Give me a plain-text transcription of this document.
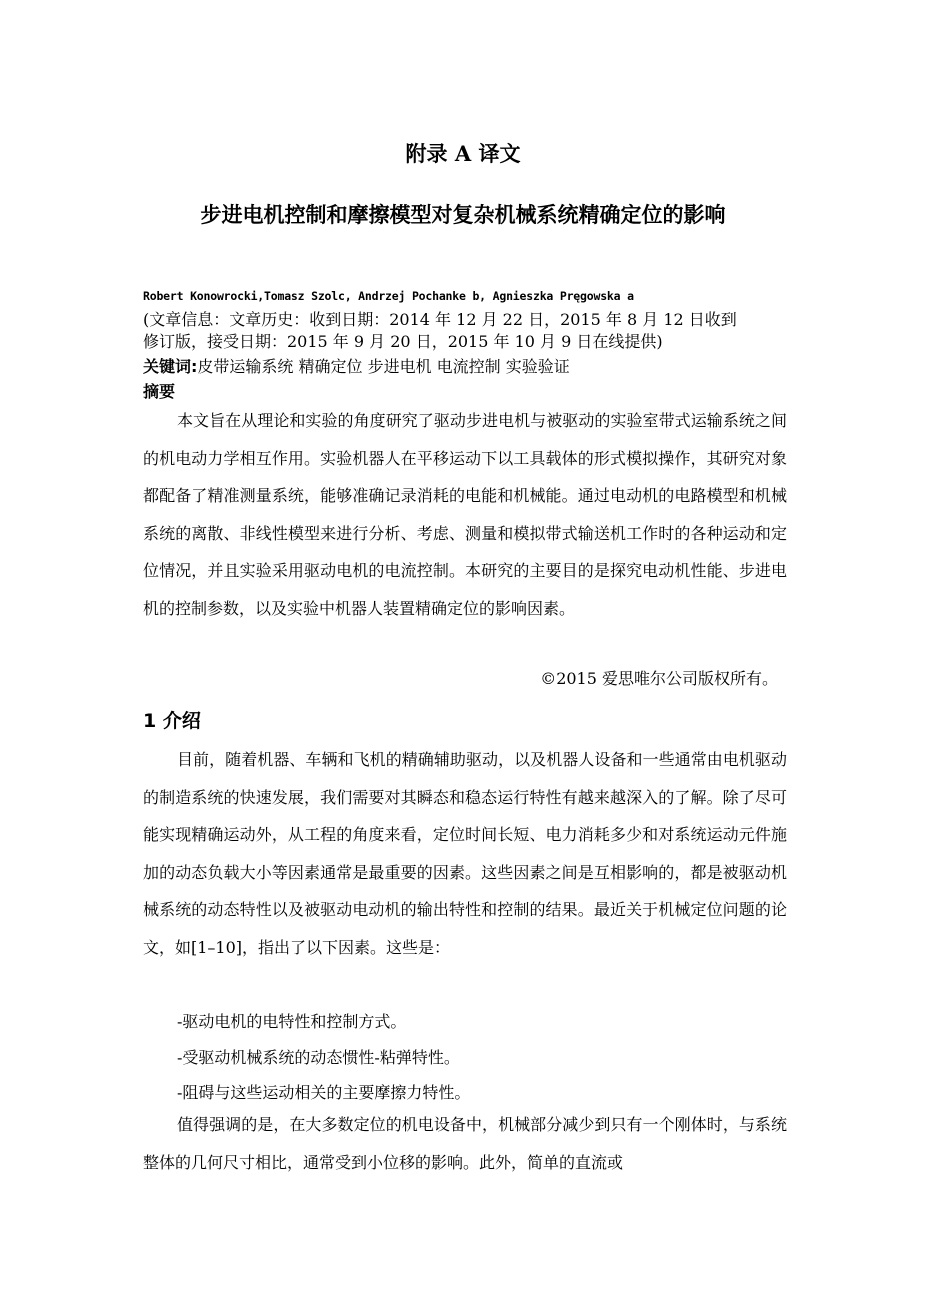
附录 A 译文
步进电机控制和摩擦模型对复杂机械系统精确定位的影响
Robert Konowrocki,Tomasz Szolc, Andrzej Pochanke b, Agnieszka Pręgowska a
(文章信息：文章历史：收到日期：2014 年 12 月 22 日，2015 年 8 月 12 日收到
修订版，接受日期：2015 年 9 月 20 日，2015 年 10 月 9 日在线提供)
关键词:皮带运输系统 精确定位 步进电机 电流控制 实验验证
摘要
本文旨在从理论和实验的角度研究了驱动步进电机与被驱动的实验室带式运输系统之间的机电动力学相互作用。实验机器人在平移运动下以工具载体的形式模拟操作，其研究对象都配备了精准测量系统，能够准确记录消耗的电能和机械能。通过电动机的电路模型和机械系统的离散、非线性模型来进行分析、考虑、测量和模拟带式输送机工作时的各种运动和定位情况，并且实验采用驱动电机的电流控制。本研究的主要目的是探究电动机性能、步进电机的控制参数，以及实验中机器人装置精确定位的影响因素。
©2015 爱思唯尔公司版权所有。
1 介绍
目前，随着机器、车辆和飞机的精确辅助驱动，以及机器人设备和一些通常由电机驱动的制造系统的快速发展，我们需要对其瞬态和稳态运行特性有越来越深入的了解。除了尽可能实现精确运动外，从工程的角度来看，定位时间长短、电力消耗多少和对系统运动元件施加的动态负载大小等因素通常是最重要的因素。这些因素之间是互相影响的，都是被驱动机械系统的动态特性以及被驱动电动机的输出特性和控制的结果。最近关于机械定位问题的论文，如[1–10]，指出了以下因素。这些是：
-驱动电机的电特性和控制方式。
-受驱动机械系统的动态惯性-粘弹特性。
-阻碍与这些运动相关的主要摩擦力特性。
值得强调的是，在大多数定位的机电设备中，机械部分减少到只有一个刚体时，与系统整体的几何尺寸相比，通常受到小位移的影响。此外，简单的直流或
